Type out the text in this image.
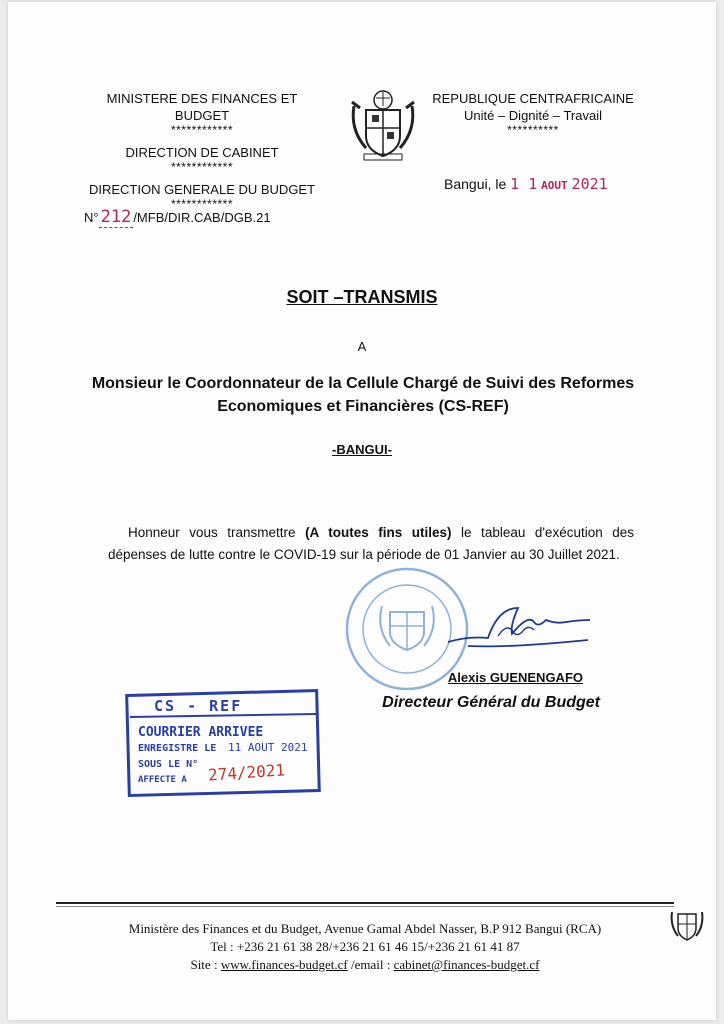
MINISTERE DES FINANCES ET BUDGET
************
DIRECTION DE CABINET
************
DIRECTION GENERALE DU BUDGET
************
N° 212 /MFB/DIR.CAB/DGB.21
REPUBLIQUE CENTRAFRICAINE
Unité – Dignité – Travail
**********
Bangui, le 1 1 AOUT 2021
SOIT –TRANSMIS
A
Monsieur le Coordonnateur de la Cellule Chargé de Suivi des Reformes
Economiques et Financières (CS-REF)
-BANGUI-
Honneur vous transmettre (A toutes fins utiles) le tableau d'exécution des dépenses de lutte contre le COVID-19 sur la période de 01 Janvier au 30 Juillet 2021.
Alexis GUENENGAFO
Directeur Général du Budget
CS - REF
COURRIER ARRIVEE
ENREGISTRE LE 11 AOUT 2021
SOUS LE N°
AFFECTE A 274/2021
Ministère des Finances et du Budget, Avenue Gamal Abdel Nasser, B.P 912 Bangui (RCA)
Tel : +236 21 61 38 28/+236 21 61 46 15/+236 21 61 41 87
Site : www.finances-budget.cf /email : cabinet@finances-budget.cf
